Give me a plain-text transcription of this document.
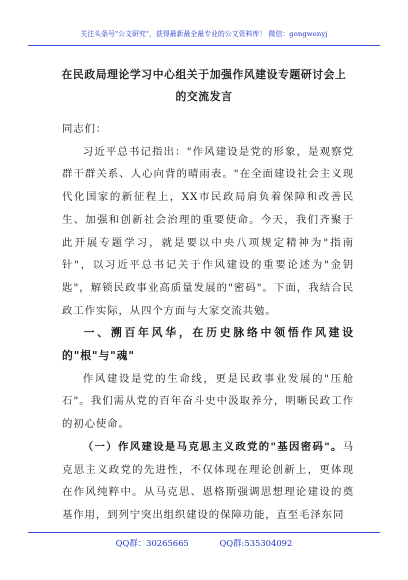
关注头条号"公文研究"，获得最新最全最专业的公文资料库！ 微信：gongwenyj
在民政局理论学习中心组关于加强作风建设专题研讨会上
的交流发言

同志们：

习近平总书记指出："作风建设是党的形象，是观察党群干群关系、人心向背的晴雨表。"在全面建设社会主义现代化国家的新征程上，XX市民政局肩负着保障和改善民生、加强和创新社会治理的重要使命。今天，我们齐聚于此开展专题学习，就是要以中央八项规定精神为"指南针"，以习近平总书记关于作风建设的重要论述为"金钥匙"，解锁民政事业高质量发展的"密码"。下面，我结合民政工作实际，从四个方面与大家交流共勉。

一、溯百年风华，在历史脉络中领悟作风建设的"根"与"魂"

作风建设是党的生命线，更是民政事业发展的"压舱石"。我们需从党的百年奋斗史中汲取养分，明晰民政工作的初心使命。

（一）作风建设是马克思主义政党的"基因密码"。马克思主义政党的先进性，不仅体现在理论创新上，更体现在作风纯粹中。从马克思、恩格斯强调思想理论建设的奠基作用，到列宁突出组织建设的保障功能，直至毛泽东同

QQ群：30265665	QQ群:535304092
